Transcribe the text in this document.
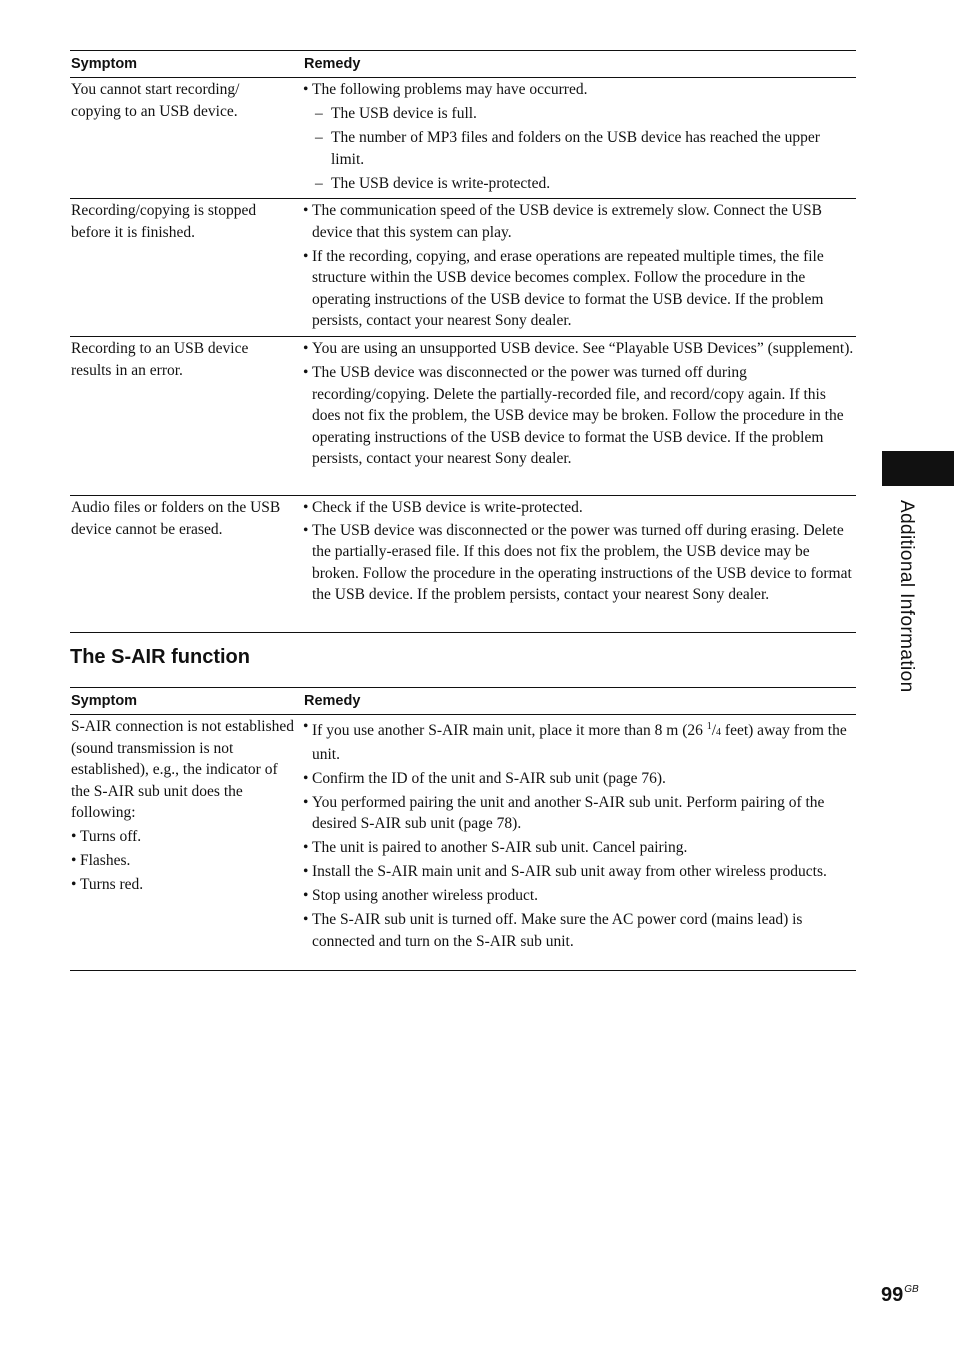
Symptom	Remedy
You cannot start recording/ copying to an USB device.
• The following problems may have occurred.
– The USB device is full.
– The number of MP3 files and folders on the USB device has reached the upper limit.
– The USB device is write-protected.
Recording/copying is stopped before it is finished.
• The communication speed of the USB device is extremely slow. Connect the USB device that this system can play.
• If the recording, copying, and erase operations are repeated multiple times, the file structure within the USB device becomes complex. Follow the procedure in the operating instructions of the USB device to format the USB device. If the problem persists, contact your nearest Sony dealer.
Recording to an USB device results in an error.
• You are using an unsupported USB device. See “Playable USB Devices” (supplement).
• The USB device was disconnected or the power was turned off during recording/copying. Delete the partially-recorded file, and record/copy again. If this does not fix the problem, the USB device may be broken. Follow the procedure in the operating instructions of the USB device to format the USB device. If the problem persists, contact your nearest Sony dealer.
Audio files or folders on the USB device cannot be erased.
• Check if the USB device is write-protected.
• The USB device was disconnected or the power was turned off during erasing. Delete the partially-erased file. If this does not fix the problem, the USB device may be broken. Follow the procedure in the operating instructions of the USB device to format the USB device. If the problem persists, contact your nearest Sony dealer.
The S-AIR function
Symptom	Remedy
S-AIR connection is not established (sound transmission is not established), e.g., the indicator of the S-AIR sub unit does the following:
• Turns off.
• Flashes.
• Turns red.
• If you use another S-AIR main unit, place it more than 8 m (26 $^1$/4 feet) away from the unit.
• Confirm the ID of the unit and S-AIR sub unit (page 76).
• You performed pairing the unit and another S-AIR sub unit. Perform pairing of the desired S-AIR sub unit (page 78).
• The unit is paired to another S-AIR sub unit. Cancel pairing.
• Install the S-AIR main unit and S-AIR sub unit away from other wireless products.
• Stop using another wireless product.
• The S-AIR sub unit is turned off. Make sure the AC power cord (mains lead) is connected and turn on the S-AIR sub unit.
Additional Information
$99^{GB}$
